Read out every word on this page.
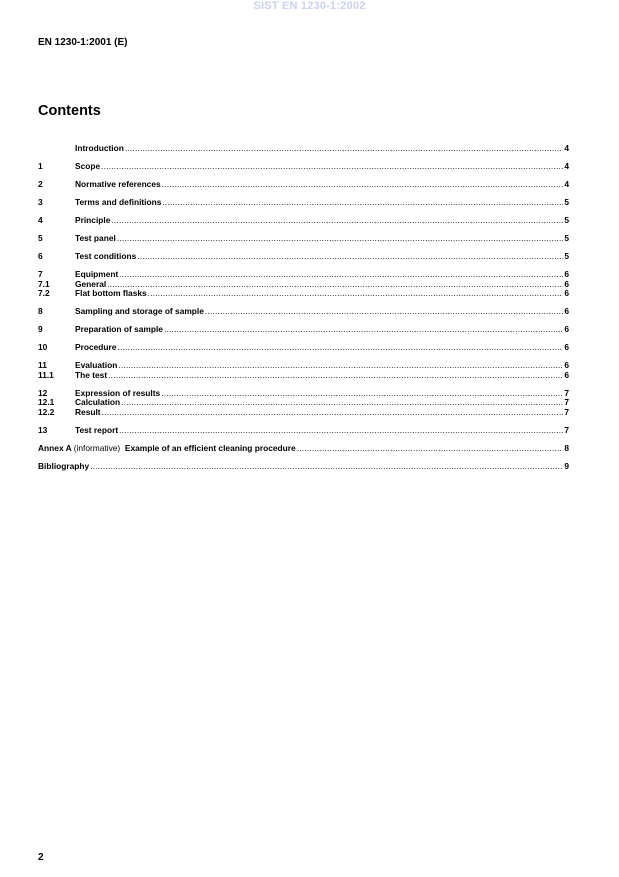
SIST EN 1230-1:2002
EN 1230-1:2001 (E)
Contents
Introduction .....	4
1	Scope .....	4
2	Normative references .....	4
3	Terms and definitions .....	5
4	Principle .....	5
5	Test panel .....	5
6	Test conditions .....	5
7	Equipment .....	6
7.1	General .....	6
7.2	Flat bottom flasks .....	6
8	Sampling and storage of sample .....	6
9	Preparation of sample .....	6
10	Procedure .....	6
11	Evaluation .....	6
11.1	The test .....	6
12	Expression of results .....	7
12.1	Calculation .....	7
12.2	Result .....	7
13	Test report .....	7
Annex A (informative) Example of an efficient cleaning procedure .....	8
Bibliography .....	9
2
